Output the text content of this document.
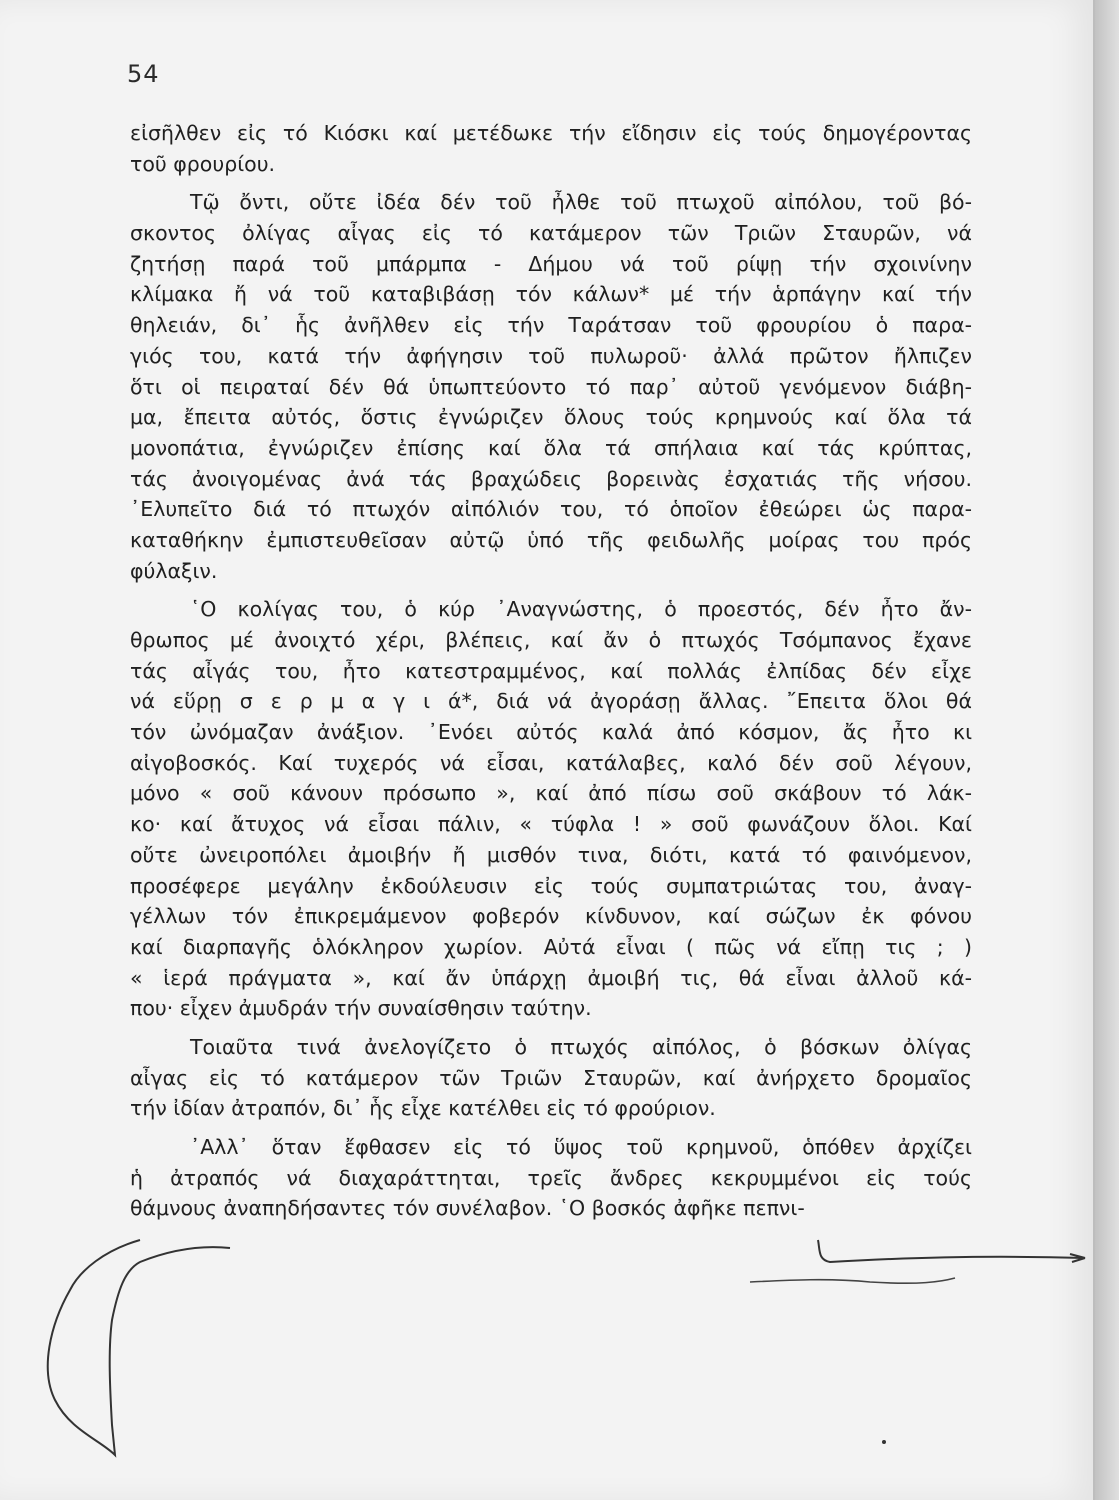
54
εἰσῆλθεν εἰς τό Κιόσκι καί μετέδωκε τήν εἴδησιν εἰς τούς δημογέροντας
τοῦ φρουρίου.
Τῷ ὄντι, οὔτε ἰδέα δέν τοῦ ἦλθε τοῦ πτωχοῦ αἰπόλου, τοῦ βό-
σκοντος ὀλίγας αἶγας εἰς τό κατάμερον τῶν Τριῶν Σταυρῶν, νά
ζητήσῃ παρά τοῦ μπάρμπα - Δήμου νά τοῦ ρίψῃ τήν σχοινίνην
κλίμακα ἤ νά τοῦ καταβιβάσῃ τόν κάλων* μέ τήν ἁρπάγην καί τήν
θηλειάν, δι᾿ ἧς ἀνῆλθεν εἰς τήν Ταράτσαν τοῦ φρουρίου ὁ παρα-
γιός του, κατά τήν ἀφήγησιν τοῦ πυλωροῦ· ἀλλά πρῶτον ἤλπιζεν
ὅτι οἱ πειραταί δέν θά ὑπωπτεύοντο τό παρ᾿ αὐτοῦ γενόμενον διάβη-
μα, ἔπειτα αὐτός, ὅστις ἐγνώριζεν ὅλους τούς κρημνούς καί ὅλα τά
μονοπάτια, ἐγνώριζεν ἐπίσης καί ὅλα τά σπήλαια καί τάς κρύπτας,
τάς ἀνοιγομένας ἀνά τάς βραχώδεις βορεινὰς ἐσχατιάς τῆς νήσου.
᾿Ελυπεῖτο διά τό πτωχόν αἰπόλιόν του, τό ὁποῖον ἐθεώρει ὡς παρα-
καταθήκην ἐμπιστευθεῖσαν αὐτῷ ὑπό τῆς φειδωλῆς μοίρας του πρός
φύλαξιν.
῾Ο κολίγας του, ὁ κύρ ᾿Αναγνώστης, ὁ προεστός, δέν ἦτο ἄν-
θρωπος μέ ἀνοιχτό χέρι, βλέπεις, καί ἄν ὁ πτωχός Τσόμπανος ἔχανε
τάς αἶγάς του, ἦτο κατεστραμμένος, καί πολλάς ἐλπίδας δέν εἶχε
νά εὕρῃ σ ε ρ μ α γ ι ά*, διά νά ἀγοράσῃ ἄλλας. ῎Επειτα ὅλοι θά
τόν ὠνόμαζαν ἀνάξιον. ᾿Ενόει αὐτός καλά ἀπό κόσμον, ἄς ἦτο κι
αἰγοβοσκός. Καί τυχερός νά εἶσαι, κατάλαβες, καλό δέν σοῦ λέγουν,
μόνο « σοῦ κάνουν πρόσωπο », καί ἀπό πίσω σοῦ σκάβουν τό λάκ-
κο· καί ἄτυχος νά εἶσαι πάλιν, « τύφλα ! » σοῦ φωνάζουν ὅλοι. Καί
οὔτε ὠνειροπόλει ἀμοιβήν ἤ μισθόν τινα, διότι, κατά τό φαινόμενον,
προσέφερε μεγάλην ἐκδούλευσιν εἰς τούς συμπατριώτας του, ἀναγ-
γέλλων τόν ἐπικρεμάμενον φοβερόν κίνδυνον, καί σώζων ἐκ φόνου
καί διαρπαγῆς ὁλόκληρον χωρίον. Αὐτά εἶναι ( πῶς νά εἴπῃ τις ; )
« ἱερά πράγματα », καί ἄν ὑπάρχῃ ἀμοιβή τις, θά εἶναι ἀλλοῦ κά-
που· εἶχεν ἀμυδράν τήν συναίσθησιν ταύτην.
Τοιαῦτα τινά ἀνελογίζετο ὁ πτωχός αἰπόλος, ὁ βόσκων ὀλίγας
αἶγας εἰς τό κατάμερον τῶν Τριῶν Σταυρῶν, καί ἀνήρχετο δρομαῖος
τήν ἰδίαν ἀτραπόν, δι᾿ ἧς εἶχε κατέλθει εἰς τό φρούριον.
᾿Αλλ᾿ ὅταν ἔφθασεν εἰς τό ὕψος τοῦ κρημνοῦ, ὁπόθεν ἀρχίζει
ἡ ἀτραπός νά διαχαράττηται, τρεῖς ἄνδρες κεκρυμμένοι εἰς τούς
θάμνους ἀναπηδήσαντες τόν συνέλαβον. ῾Ο βοσκός ἀφῆκε πεπνι-
